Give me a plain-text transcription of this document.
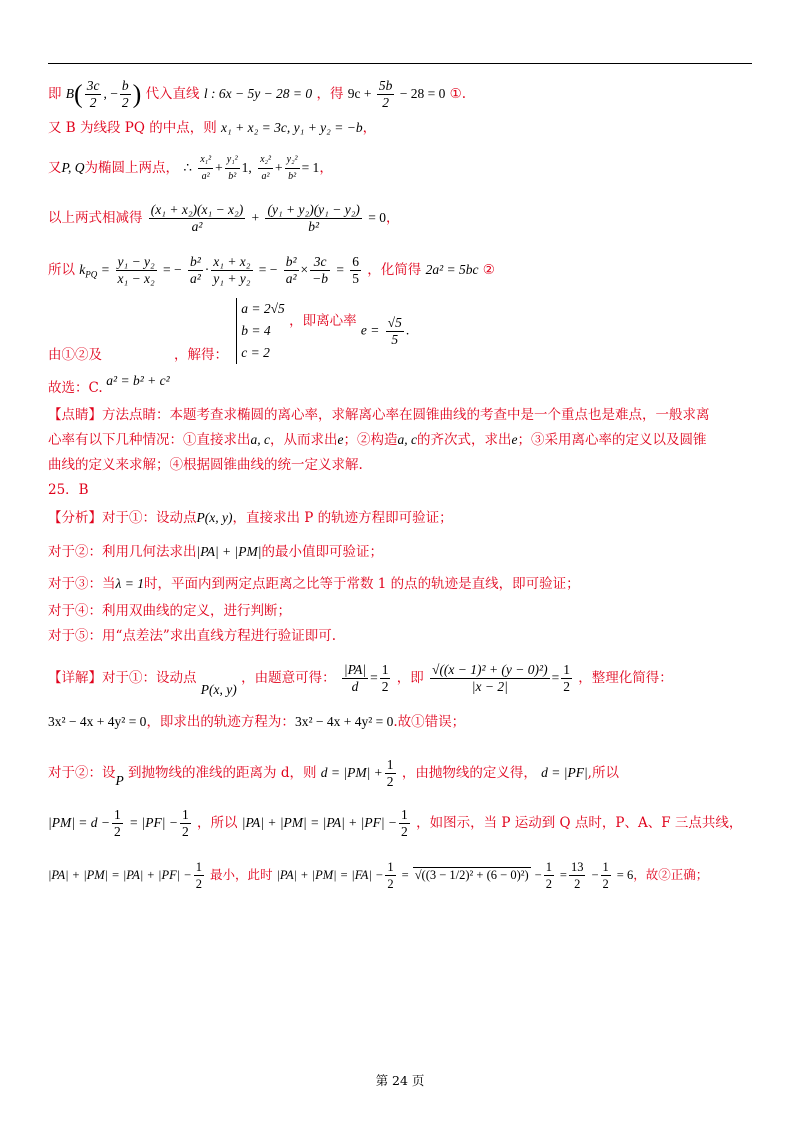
即 $B( \frac{3c}{2}$ , − $\frac{b}{2}$ ) 代入直线 l : 6x − 5y − 28 = 0 ，得 $9c + \frac{5b}{2} - 28 = 0$ ①.
又 B 为线段 PQ 的中点，则 x₁ + x₂ = 3c, y₁ + y₂ = −b，
又P, Q为椭圆上两点， ∴ $\frac{\text{x₁²}}{\text{a²}} + \frac{\text{y₁²}}{\text{b²}} 1$, $\frac{\text{x₂²}}{\text{a²}} + \frac{\text{y₂²}}{\text{b²}} = 1$，
以上两式相减得 $\frac{\text{(x₁ + x₂)(x₁ − x₂)}}{\text{a²}} + \frac{\text{(y₁ + y₂)(y₁ − y₂)}}{\text{b²}} = 0$，
所以 $k_{PQ} = \frac{\text{y₁ − y₂}}{\text{x₁ − x₂}}$ = − $\frac{\text{b²}}{\text{a²}} \cdot \frac{\text{x₁ + x₂}}{\text{y₁ + y₂}}$ = − $\frac{\text{b²}}{\text{a²}} \times \frac{3c}{-b} = \frac{6}{5}$ ，化简得 2a² = 5bc ②
由①②及 a² = b² + c² ，解得：
a = 2√5
b = 4
c = 2
，即离心率 $e = \frac{√5}{5}$ .
故选：C.
【点睛】方法点睛：本题考查求椭圆的离心率，求解离心率在圆锥曲线的考查中是一个重点也是难点，一般求离
心率有以下几种情况：①直接求出a, c，从而求出e；②构造a, c的齐次式，求出e；③采用离心率的定义以及圆锥
曲线的定义来求解；④根据圆锥曲线的统一定义求解.
25．B
【分析】对于①：设动点P(x, y)，直接求出 P 的轨迹方程即可验证；
对于②：利用几何法求出|PA| + |PM|的最小值即可验证；
对于③：当λ = 1时，平面内到两定点距离之比等于常数 1 的点的轨迹是直线，即可验证；
对于④：利用双曲线的定义，进行判断；
对于⑤：用“点差法”求出直线方程进行验证即可.
【详解】对于①：设动点 P(x, y) ，由题意可得： $\frac{|PA|}{d} = \frac{1}{2}$ ，即 $\frac{\text{√((x − 1)² + (y − 0)²)}}{|x - 2|} = \frac{1}{2}$ ，整理化简得：
3x² − 4x + 4y² = 0，即求出的轨迹方程为：3x² − 4x + 4y² = 0.故①错误；
对于②：设P 到抛物线的准线的距离为 d，则 $d = |PM| + \frac{1}{2}$ ，由抛物线的定义得， d = |PF|,所以
$|PM| = d - \frac{1}{2} = |PF| - \frac{1}{2}$ ，所以 $|PA| + |PM| = |PA| + |PF| - \frac{1}{2}$ ，如图示，当 P 运动到 Q 点时，P、A、F 三点共线，
$|PA| + |PM| = |PA| + |PF| - \frac{1}{2}$ 最小，此时 $|PA| + |PM| = |FA| - \frac{1}{2} = √((3 - 1/2)^2 + (6 - 0)^2) - \frac{1}{2} = \frac{13}{2} - \frac{1}{2} = 6$，故②正确；
第 24 页
